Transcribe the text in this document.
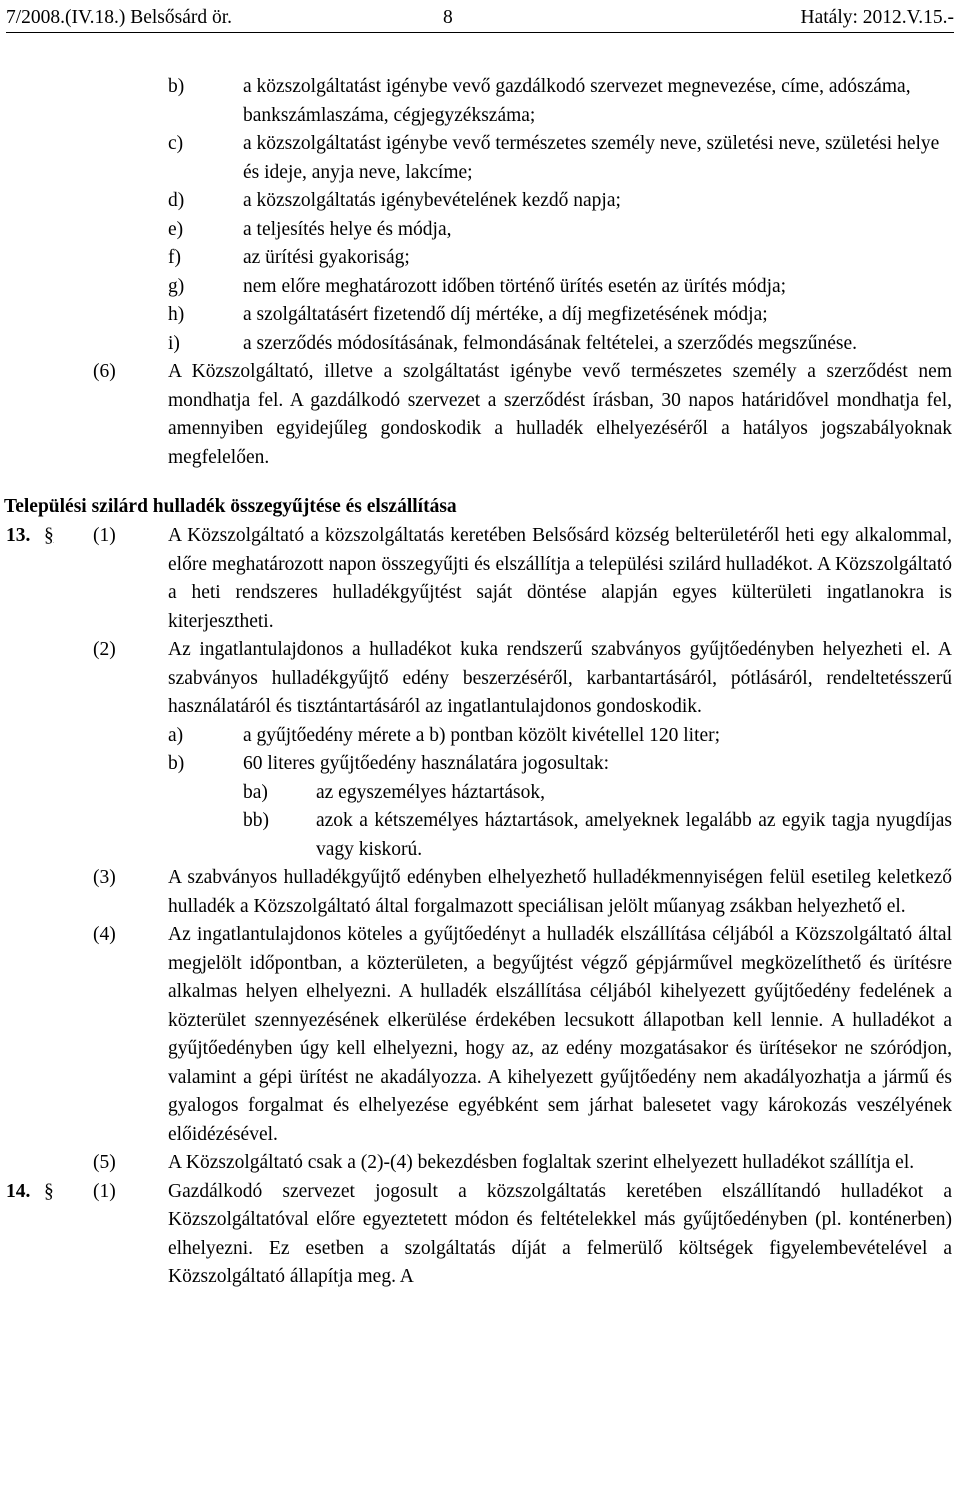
7/2008.(IV.18.) Belsősárd ör.	8	Hatály: 2012.V.15.-
b)	a közszolgáltatást igénybe vevő gazdálkodó szervezet megnevezése, címe, adószáma, bankszámlaszáma, cégjegyzékszáma;
c)	a közszolgáltatást igénybe vevő természetes személy neve, születési neve, születési helye és ideje, anyja neve, lakcíme;
d)	a közszolgáltatás igénybevételének kezdő napja;
e)	a teljesítés helye és módja,
f)	az ürítési gyakoriság;
g)	nem előre meghatározott időben történő ürítés esetén az ürítés módja;
h)	a szolgáltatásért fizetendő díj mértéke, a díj megfizetésének módja;
i)	a szerződés módosításának, felmondásának feltételei, a szerződés megszűnése.
(6)	A Közszolgáltató, illetve a szolgáltatást igénybe vevő természetes személy a szerződést nem mondhatja fel. A gazdálkodó szervezet a szerződést írásban, 30 napos határidővel mondhatja fel, amennyiben egyidejűleg gondoskodik a hulladék elhelyezéséről a hatályos jogszabályoknak megfelelően.
Települési szilárd hulladék összegyűjtése és elszállítása
13. § (1)	A Közszolgáltató a közszolgáltatás keretében Belsősárd község belterületéről heti egy alkalommal, előre meghatározott napon összegyűjti és elszállítja a települési szilárd hulladékot. A Közszolgáltató a heti rendszeres hulladékgyűjtést saját döntése alapján egyes külterületi ingatlanokra is kiterjesztheti.
(2)	Az ingatlantulajdonos a hulladékot kuka rendszerű szabványos gyűjtőedényben helyezheti el. A szabványos hulladékgyűjtő edény beszerzéséről, karbantartásáról, pótlásáról, rendeltetésszerű használatáról és tisztántartásáról az ingatlantulajdonos gondoskodik.
a)	a gyűjtőedény mérete a b) pontban közölt kivétellel 120 liter;
b)	60 literes gyűjtőedény használatára jogosultak:
ba) az egyszemélyes háztartások,
bb) azok a kétszemélyes háztartások, amelyeknek legalább az egyik tagja nyugdíjas vagy kiskorú.
(3)	A szabványos hulladékgyűjtő edényben elhelyezhető hulladékmennyiségen felül esetileg keletkező hulladék a Közszolgáltató által forgalmazott speciálisan jelölt műanyag zsákban helyezhető el.
(4)	Az ingatlantulajdonos köteles a gyűjtőedényt a hulladék elszállítása céljából a Közszolgáltató által megjelölt időpontban, a közterületen, a begyűjtést végző gépjárművel megközelíthető és ürítésre alkalmas helyen elhelyezni. A hulladék elszállítása céljából kihelyezett gyűjtőedény fedelének a közterület szennyezésének elkerülése érdekében lecsukott állapotban kell lennie. A hulladékot a gyűjtőedényben úgy kell elhelyezni, hogy az, az edény mozgatásakor és ürítésekor ne szóródjon, valamint a gépi ürítést ne akadályozza. A kihelyezett gyűjtőedény nem akadályozhatja a jármű és gyalogos forgalmat és elhelyezése egyébként sem járhat balesetet vagy károkozás veszélyének előidézésével.
(5)	A Közszolgáltató csak a (2)-(4) bekezdésben foglaltak szerint elhelyezett hulladékot szállítja el.
14. § (1)	Gazdálkodó szervezet jogosult a közszolgáltatás keretében elszállítandó hulladékot a Közszolgáltatóval előre egyeztetett módon és feltételekkel más gyűjtőedényben (pl. konténerben) elhelyezni. Ez esetben a szolgáltatás díját a felmerülő költségek figyelembevételével a Közszolgáltató állapítja meg. A
